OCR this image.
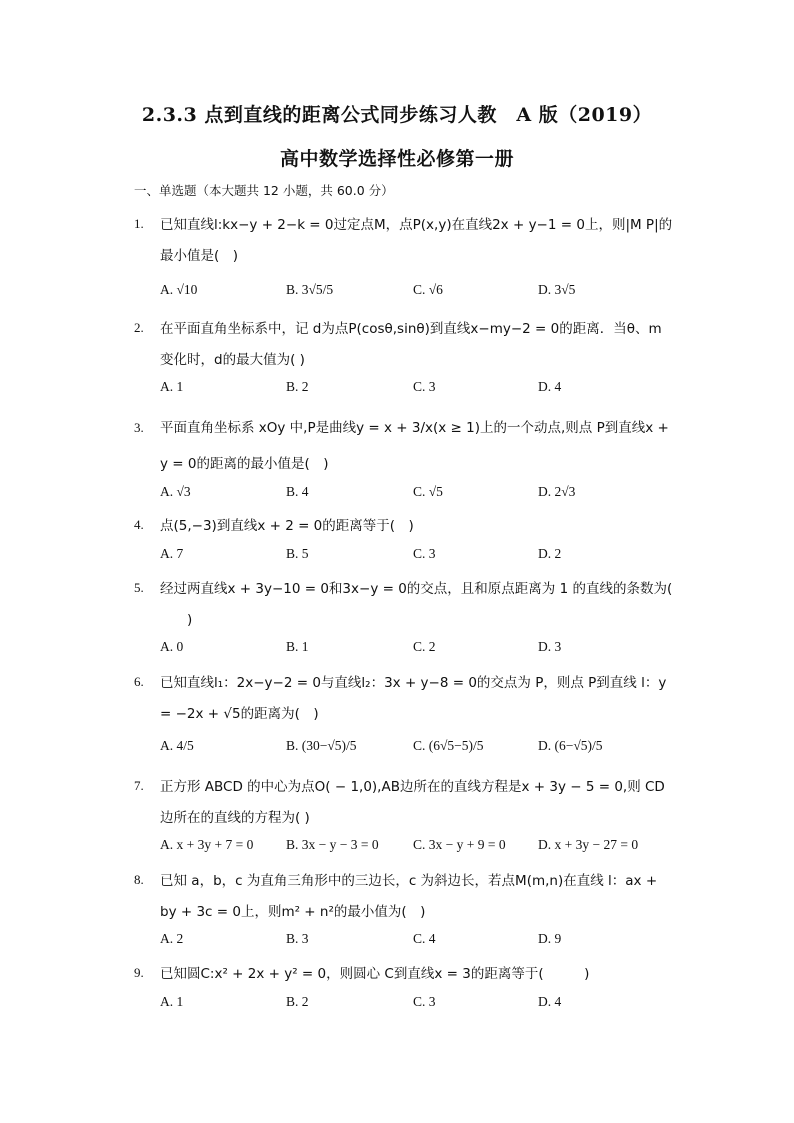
2.3.3 点到直线的距离公式同步练习人教　A 版（2019）
高中数学选择性必修第一册
一、单选题（本大题共 12 小题，共 60.0 分）
1. 已知直线l:kx−y + 2−k = 0过定点M，点P(x,y)在直线2x + y−1 = 0上，则|M P|的
最小值是(　)
A. √10	B. 3√5/5	C. √6	D. 3√5
2. 在平面直角坐标系中，记 d为点P(cosθ,sinθ)到直线x−my−2 = 0的距离．当θ、m
变化时，d的最大值为( )
A. 1	B. 2	C. 3	D. 4
3. 平面直角坐标系 xOy 中,P是曲线y = x + 3/x(x ≥ 1)上的一个动点,则点 P到直线x +
y = 0的距离的最小值是(　)
A. √3	B. 4	C. √5	D. 2√3
4. 点(5,−3)到直线x + 2 = 0的距离等于(　)
A. 7	B. 5	C. 3	D. 2
5. 经过两直线x + 3y−10 = 0和3x−y = 0的交点，且和原点距离为 1 的直线的条数为(
　　)
A. 0	B. 1	C. 2	D. 3
6. 已知直线l₁：2x−y−2 = 0与直线l₂：3x + y−8 = 0的交点为 P，则点 P到直线 l：y
= −2x + √5的距离为(　)
A. 4/5	B. (30−√5)/5	C. (6√5−5)/5	D. (6−√5)/5
7. 正方形 ABCD 的中心为点O( − 1,0),AB边所在的直线方程是x + 3y − 5 = 0,则 CD
边所在的直线的方程为( )
A. x + 3y + 7 = 0 B. 3x − y − 3 = 0	C. 3x − y + 9 = 0 D. x + 3y − 27 = 0
8. 已知 a，b，c 为直角三角形中的三边长，c 为斜边长，若点M(m,n)在直线 l：ax +
by + 3c = 0上，则m² + n²的最小值为(　)
A. 2	B. 3	C. 4	D. 9
9. 已知圆C:x² + 2x + y² = 0，则圆心 C到直线x = 3的距离等于(　　　)
A. 1	B. 2	C. 3	D. 4
